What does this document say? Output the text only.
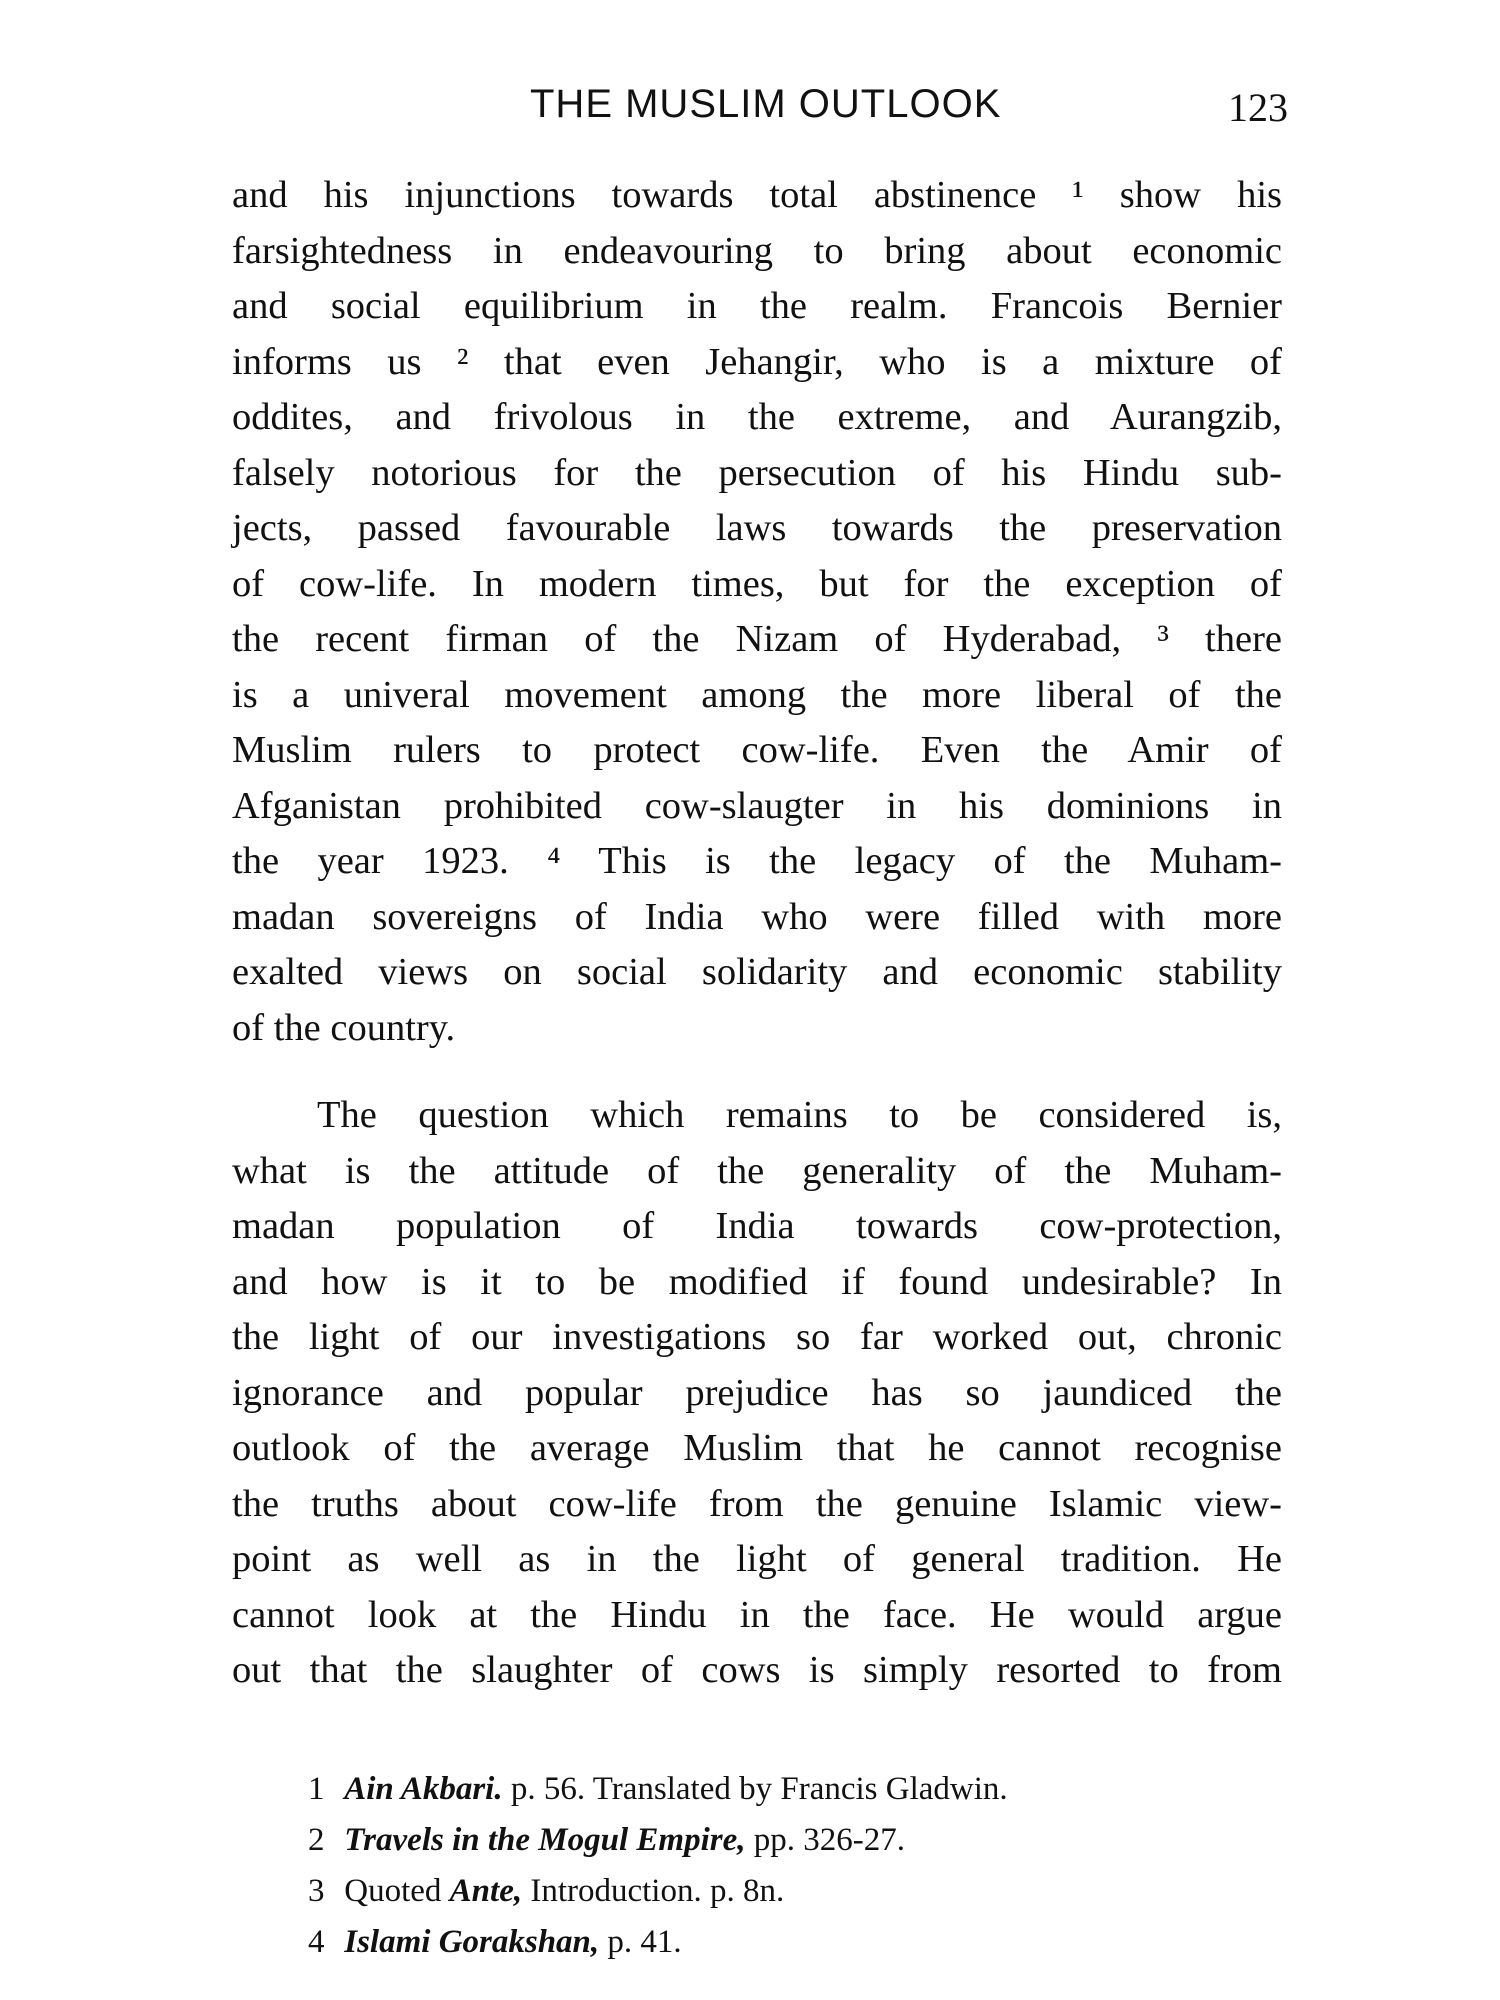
THE MUSLIM OUTLOOK	123

and his injunctions towards total abstinence ¹ show his
farsightedness in endeavouring to bring about economic
and social equilibrium in the realm. Francois Bernier
informs us ² that even Jehangir, who is a mixture of
oddites, and frivolous in the extreme, and Aurangzib,
falsely notorious for the persecution of his Hindu sub-
jects, passed favourable laws towards the preservation
of cow-life. In modern times, but for the exception of
the recent firman of the Nizam of Hyderabad, ³ there
is a univeral movement among the more liberal of the
Muslim rulers to protect cow-life. Even the Amir of
Afganistan prohibited cow-slaugter in his dominions in
the year 1923. ⁴ This is the legacy of the Muham-
madan sovereigns of India who were filled with more
exalted views on social solidarity and economic stability
of the country.

The question which remains to be considered is,
what is the attitude of the generality of the Muham-
madan population of India towards cow-protection,
and how is it to be modified if found undesirable? In
the light of our investigations so far worked out, chronic
ignorance and popular prejudice has so jaundiced the
outlook of the average Muslim that he cannot recognise
the truths about cow-life from the genuine Islamic view-
point as well as in the light of general tradition. He
cannot look at the Hindu in the face. He would argue
out that the slaughter of cows is simply resorted to from

1 Ain Akbari. p. 56. Translated by Francis Gladwin.
2 Travels in the Mogul Empire, pp. 326-27.
3 Quoted Ante, Introduction. p. 8n.
4 Islami Gorakshan, p. 41.
